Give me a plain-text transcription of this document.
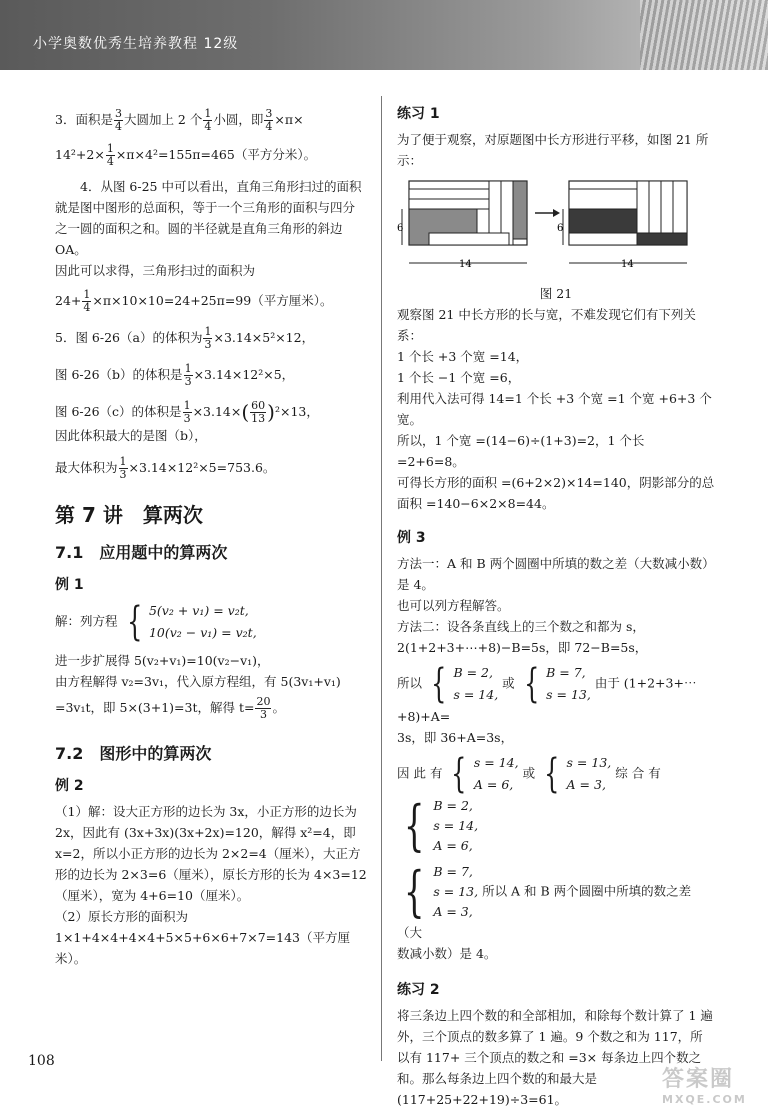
小学奥数优秀生培养教程 12级

3．面积是 $\frac{3}{4}$ 大圆加上 2 个 $\frac{1}{4}$ 小圆，即 $\frac{3}{4} \times\pi\times$

$14^2+2\times \frac{1}{4} \times\pi\times 4^2=155\pi=465$（平方分米）。

4．从图 6-25 中可以看出，直角三角形扫过的面积就是图中图形的总面积，等于一个三角形的面积与四分之一圆的面积之和。圆的半径就是直角三角形的斜边 OA。

因此可以求得，三角形扫过的面积为

$24+ \frac{1}{4} \times\pi\times 10\times 10=24+25\pi=99$（平方厘米）。

5．图 6-26（a）的体积为 $\frac{1}{3} \times 3.14\times 5^2\times 12$，

图 6-26（b）的体积是 $\frac{1}{3} \times 3.14\times 12^2\times 5$，

图 6-26（c）的体积是 $\frac{1}{3} \times 3.14\times( \frac{60}{13} )^2\times 13$，

因此体积最大的是图（b），

最大体积为 $\frac{1}{3} \times 3.14\times 12^2\times 5=753.6$。

第 7 讲　算两次
7.1　应用题中的算两次
例 1

解：列方程 { 5(v₂ + v₁) = v₂t,
10(v₂ − v₁) = v₂t,

进一步扩展得 5(v₂+v₁)=10(v₂−v₁)，

由方程解得 v₂=3v₁，代入原方程组，有 5(3v₁+v₁)

=3v₁t，即 5×(3+1)=3t，解得 $t= \frac{20}{3}$ 。

7.2　图形中的算两次
例 2

（1）解：设大正方形的边长为 3x，小正方形的边长为 2x，因此有 (3x+3x)(3x+2x)=120，解得 x²=4，即 x=2，所以小正方形的边长为 2×2=4（厘米），大正方形的边长为 2×3=6（厘米），原长方形的长为 4×3=12（厘米），宽为 4+6=10（厘米）。

（2）原长方形的面积为 1×1+4×4+4×4+5×5+6×6+7×7=143（平方厘米）。

练习 1

为了便于观察，对原题图中长方形进行平移，如图 21 所示：

6
14
6
14
图 21

观察图 21 中长方形的长与宽，不难发现它们有下列关系：

1 个长 +3 个宽 =14，

1 个长 −1 个宽 =6，

利用代入法可得 14=1 个长 +3 个宽 =1 个宽 +6+3 个宽。

所以，1 个宽 =(14−6)÷(1+3)=2，1 个长 =2+6=8。

可得长方形的面积 =(6+2×2)×14=140，阴影部分的总面积 =140−6×2×8=44。

例 3

方法一：A 和 B 两个圆圈中所填的数之差（大数减小数）是 4。

也可以列方程解答。

方法二：设各条直线上的三个数之和都为 s，

2(1+2+3+⋯+8)−B=5s，即 72−B=5s，

所以 { B = 2,
s = 14,
或 { B = 7,
s = 13,
由于 (1+2+3+⋯+8)+A=

3s，即 36+A=3s，

因 此 有 { s = 14,
A = 6,
或 { s = 13,
A = 3,
综 合 有
{ B = 2,
s = 14,
A = 6,

{ B = 7,
s = 13,
A = 3,
所以 A 和 B 两个圆圈中所填的数之差（大

数减小数）是 4。

练习 2

将三条边上四个数的和全部相加，和除每个数计算了 1 遍外，三个顶点的数多算了 1 遍。9 个数之和为 117，所以有 117+ 三个顶点的数之和 =3× 每条边上四个数之和。那么每条边上四个数的和最大是 (117+25+22+19)÷3=61。

108
答案圈
MXQE.COM
